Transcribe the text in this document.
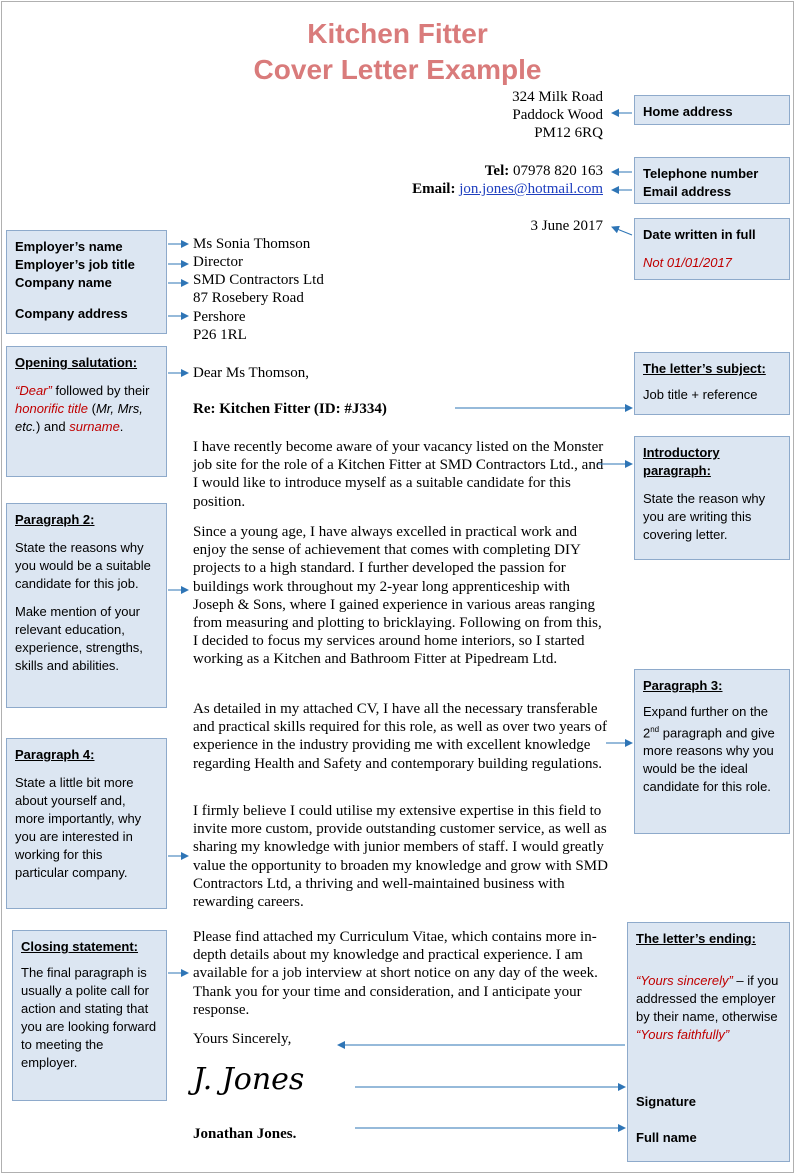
Kitchen Fitter
Cover Letter Example
324 Milk Road
Paddock Wood
PM12 6RQ
Tel: 07978 820 163
Email: jon.jones@hotmail.com
3 June 2017
Ms Sonia Thomson
Director
SMD Contractors Ltd
87 Rosebery Road
Pershore
P26 1RL
Dear Ms Thomson,
Re: Kitchen Fitter (ID: #J334)

I have recently become aware of your vacancy listed on the Monster job site for the role of a Kitchen Fitter at SMD Contractors Ltd., and I would like to introduce myself as a suitable candidate for this position.

Since a young age, I have always excelled in practical work and enjoy the sense of achievement that comes with completing DIY projects to a high standard. I further developed the passion for buildings work throughout my 2-year long apprenticeship with Joseph & Sons, where I gained experience in various areas ranging from measuring and plotting to bricklaying. Following on from this, I decided to focus my services around home interiors, so I started working as a Kitchen and Bathroom Fitter at Pipedream Ltd.

As detailed in my attached CV, I have all the necessary transferable and practical skills required for this role, as well as over two years of experience in the industry providing me with excellent knowledge regarding Health and Safety and contemporary building regulations.

I firmly believe I could utilise my extensive expertise in this field to invite more custom, provide outstanding customer service, as well as sharing my knowledge with junior members of staff. I would greatly value the opportunity to broaden my knowledge and grow with SMD Contractors Ltd, a thriving and well-maintained business with rewarding careers.

Please find attached my Curriculum Vitae, which contains more in-depth details about my knowledge and practical experience. I am available for a job interview at short notice on any day of the week. Thank you for your time and consideration, and I anticipate your response.

Yours Sincerely,
J. Jones
Jonathan Jones.
Home address

Telephone number

Email address

Date written in full

Not 01/01/2017

The letter’s subject:

Job title + reference

Introductory paragraph:

State the reason why you are writing this covering letter.

Paragraph 3:

Expand further on the 2nd paragraph and give more reasons why you would be the ideal candidate for this role.

The letter’s ending:

“Yours sincerely” – if you addressed the employer by their name, otherwise “Yours faithfully”

Signature

Full name

Employer’s name

Employer’s job title

Company name

Company address

Opening salutation:

“Dear” followed by their honorific title (Mr, Mrs, etc.) and surname.

Paragraph 2:

State the reasons why you would be a suitable candidate for this job.

Make mention of your relevant education, experience, strengths, skills and abilities.

Paragraph 4:

State a little bit more about yourself and, more importantly, why you are interested in working for this particular company.

Closing statement:

The final paragraph is usually a polite call for action and stating that you are looking forward to meeting the employer.
